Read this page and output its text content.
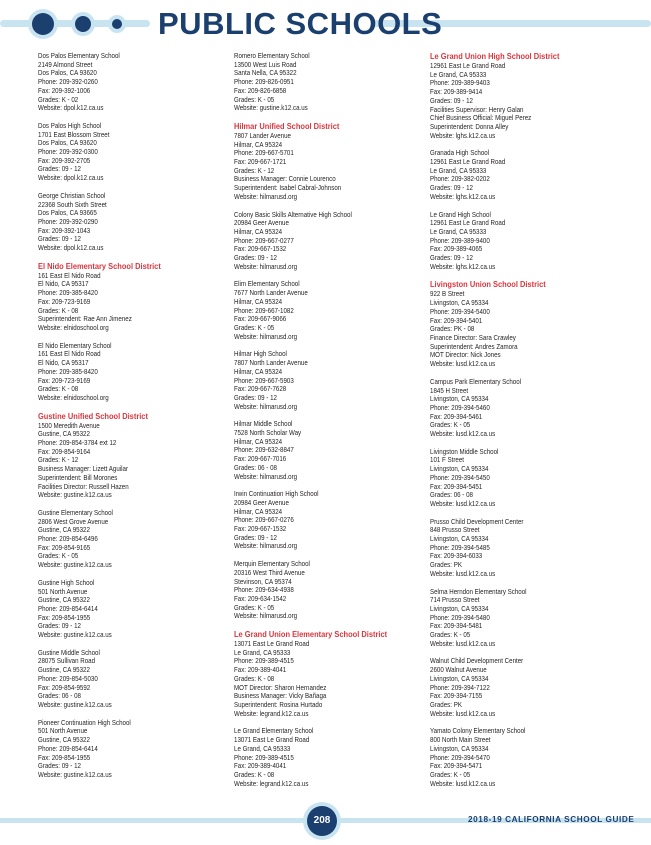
PUBLIC SCHOOLS
Dos Palos Elementary School
2149 Almond Street
Dos Palos, CA 93620
Phone: 209-392-0260
Fax: 209-392-1006
Grades: K - 02
Website: dpol.k12.ca.us
Dos Palos High School
1701 East Blossom Street
Dos Palos, CA 93620
Phone: 209-392-0300
Fax: 209-392-2705
Grades: 09 - 12
Website: dpol.k12.ca.us
George Christian School
22368 South Sixth Street
Dos Palos, CA 93665
Phone: 209-392-0290
Fax: 209-392-1043
Grades: 09 - 12
Website: dpol.k12.ca.us
El Nido Elementary School District
161 East El Nido Road
El Nido, CA 95317
Phone: 209-385-8420
Fax: 209-723-9169
Grades: K - 08
Superintendent: Rae Ann Jimenez
Website: elnidoschool.org
El Nido Elementary School
161 East El Nido Road
El Nido, CA 95317
Phone: 209-385-8420
Fax: 209-723-9169
Grades: K - 08
Website: elnidoschool.org
Gustine Unified School District
1500 Meredith Avenue
Gustine, CA 95322
Phone: 209-854-3784 ext 12
Fax: 209-854-9164
Grades: K - 12
Business Manager: Lizett Aguilar
Superintendent: Bill Morones
Facilities Director: Russell Hazen
Website: gustine.k12.ca.us
Gustine Elementary School
2806 West Grove Avenue
Gustine, CA 95322
Phone: 209-854-6496
Fax: 209-854-9165
Grades: K - 05
Website: gustine.k12.ca.us
Gustine High School
501 North Avenue
Gustine, CA 95322
Phone: 209-854-6414
Fax: 209-854-1955
Grades: 09 - 12
Website: gustine.k12.ca.us
Gustine Middle School
28075 Sullivan Road
Gustine, CA 95322
Phone: 209-854-5030
Fax: 209-854-9592
Grades: 06 - 08
Website: gustine.k12.ca.us
Pioneer Continuation High School
501 North Avenue
Gustine, CA 95322
Phone: 209-854-6414
Fax: 209-854-1955
Grades: 09 - 12
Website: gustine.k12.ca.us
Romero Elementary School
13500 West Luis Road
Santa Nella, CA 95322
Phone: 209-826-0951
Fax: 209-826-6858
Grades: K - 05
Website: gustine.k12.ca.us
Hilmar Unified School District
7807 Lander Avenue
Hilmar, CA 95324
Phone: 209-667-5701
Fax: 209-667-1721
Grades: K - 12
Business Manager: Connie Lourenco
Superintendent: Isabel Cabral-Johnson
Website: hilmarusd.org
Colony Basic Skills Alternative High School
20984 Geer Avenue
Hilmar, CA 95324
Phone: 209-667-0277
Fax: 209-667-1532
Grades: 09 - 12
Website: hilmarusd.org
Elim Elementary School
7677 North Lander Avenue
Hilmar, CA 95324
Phone: 209-667-1082
Fax: 209-667-9066
Grades: K - 05
Website: hilmarusd.org
Hilmar High School
7807 North Lander Avenue
Hilmar, CA 95324
Phone: 209-667-5903
Fax: 209-667-7628
Grades: 09 - 12
Website: hilmarusd.org
Hilmar Middle School
7528 North Scholar Way
Hilmar, CA 95324
Phone: 209-632-8847
Fax: 209-667-7016
Grades: 06 - 08
Website: hilmarusd.org
Irwin Continuation High School
20984 Geer Avenue
Hilmar, CA 95324
Phone: 209-667-0276
Fax: 209-667-1532
Grades: 09 - 12
Website: hilmarusd.org
Merquin Elementary School
20316 West Third Avenue
Stevinson, CA 95374
Phone: 209-634-4938
Fax: 209-634-1542
Grades: K - 05
Website: hilmarusd.org
Le Grand Union Elementary School District
13071 East Le Grand Road
Le Grand, CA 95333
Phone: 209-389-4515
Fax: 209-389-4041
Grades: K - 08
MOT Director: Sharon Hernandez
Business Manager: Vicky Bañaga
Superintendent: Rosina Hurtado
Website: legrand.k12.ca.us
Le Grand Elementary School
13071 East Le Grand Road
Le Grand, CA 95333
Phone: 209-389-4515
Fax: 209-389-4041
Grades: K - 08
Website: legrand.k12.ca.us
Le Grand Union High School District
12961 East Le Grand Road
Le Grand, CA 95333
Phone: 209-389-9403
Fax: 209-389-9414
Grades: 09 - 12
Facilities Supervisor: Henry Galan
Chief Business Official: Miguel Perez
Superintendent: Donna Alley
Website: lghs.k12.ca.us
Granada High School
12961 East Le Grand Road
Le Grand, CA 95333
Phone: 209-382-0202
Grades: 09 - 12
Website: lghs.k12.ca.us
Le Grand High School
12961 East Le Grand Road
Le Grand, CA 95333
Phone: 209-389-9400
Fax: 209-389-4065
Grades: 09 - 12
Website: lghs.k12.ca.us
Livingston Union School District
922 B Street
Livingston, CA 95334
Phone: 209-394-5400
Fax: 209-394-5401
Grades: PK - 08
Finance Director: Sara Crawley
Superintendent: Andres Zamora
MOT Director: Nick Jones
Website: lusd.k12.ca.us
Campus Park Elementary School
1845 H Street
Livingston, CA 95334
Phone: 209-394-5460
Fax: 209-394-5461
Grades: K - 05
Website: lusd.k12.ca.us
Livingston Middle School
101 F Street
Livingston, CA 95334
Phone: 209-394-5450
Fax: 209-394-5451
Grades: 06 - 08
Website: lusd.k12.ca.us
Prusso Child Development Center
848 Prusso Street
Livingston, CA 95334
Phone: 209-394-5485
Fax: 209-394-6033
Grades: PK
Website: lusd.k12.ca.us
Selma Herndon Elementary School
714 Prusso Street
Livingston, CA 95334
Phone: 209-394-5480
Fax: 209-394-5481
Grades: K - 05
Website: lusd.k12.ca.us
Walnut Child Development Center
2600 Walnut Avenue
Livingston, CA 95334
Phone: 209-394-7122
Fax: 209-394-7155
Grades: PK
Website: lusd.k12.ca.us
Yamato Colony Elementary School
800 North Main Street
Livingston, CA 95334
Phone: 209-394-5470
Fax: 209-394-5471
Grades: K - 05
Website: lusd.k12.ca.us
208	2018-19 CALIFORNIA SCHOOL GUIDE
